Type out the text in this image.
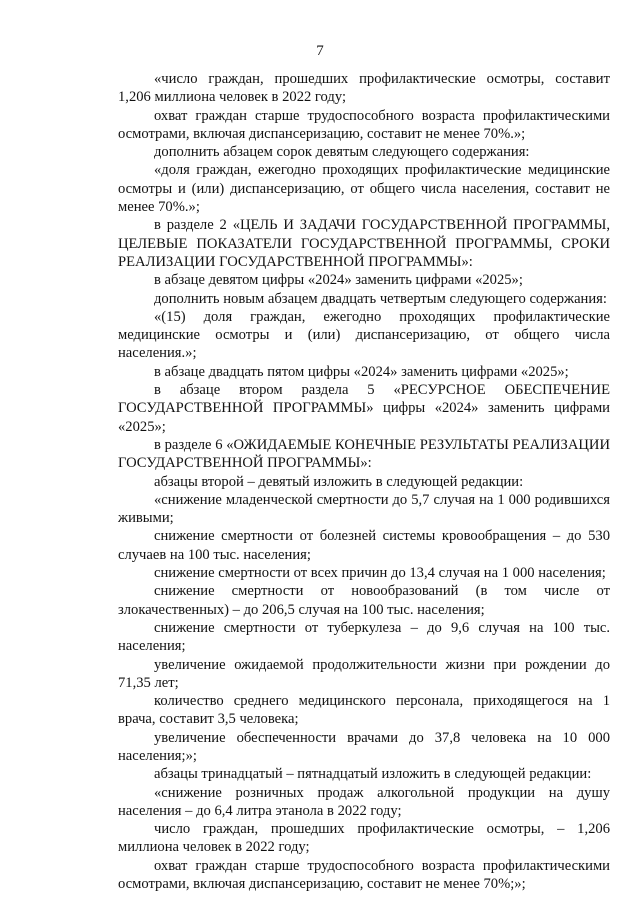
7

«число граждан, прошедших профилактические осмотры, составит 1,206 миллиона человек в 2022 году;

охват граждан старше трудоспособного возраста профилактическими осмотрами, включая диспансеризацию, составит не менее 70%.»;

дополнить абзацем сорок девятым следующего содержания:

«доля граждан, ежегодно проходящих профилактические медицинские осмотры и (или) диспансеризацию, от общего числа населения, составит не менее 70%.»;

в разделе 2 «ЦЕЛЬ И ЗАДАЧИ ГОСУДАРСТВЕННОЙ ПРОГРАММЫ, ЦЕЛЕВЫЕ ПОКАЗАТЕЛИ ГОСУДАРСТВЕННОЙ ПРОГРАММЫ, СРОКИ РЕАЛИЗАЦИИ ГОСУДАРСТВЕННОЙ ПРОГРАММЫ»:

в абзаце девятом цифры «2024» заменить цифрами «2025»;

дополнить новым абзацем двадцать четвертым следующего содержания:

«(15) доля граждан, ежегодно проходящих профилактические медицинские осмотры и (или) диспансеризацию, от общего числа населения.»;

в абзаце двадцать пятом цифры «2024» заменить цифрами «2025»;

в абзаце втором раздела 5 «РЕСУРСНОЕ ОБЕСПЕЧЕНИЕ ГОСУДАРСТВЕННОЙ ПРОГРАММЫ» цифры «2024» заменить цифрами «2025»;

в разделе 6 «ОЖИДАЕМЫЕ КОНЕЧНЫЕ РЕЗУЛЬТАТЫ РЕАЛИЗАЦИИ ГОСУДАРСТВЕННОЙ ПРОГРАММЫ»:

абзацы второй – девятый изложить в следующей редакции:

«снижение младенческой смертности до 5,7 случая на 1 000 родившихся живыми;

снижение смертности от болезней системы кровообращения – до 530 случаев на 100 тыс. населения;

снижение смертности от всех причин до 13,4 случая на 1 000 населения;

снижение смертности от новообразований (в том числе от злокачественных) – до 206,5 случая на 100 тыс. населения;

снижение смертности от туберкулеза – до 9,6 случая на 100 тыс. населения;

увеличение ожидаемой продолжительности жизни при рождении до 71,35 лет;

количество среднего медицинского персонала, приходящегося на 1 врача, составит 3,5 человека;

увеличение обеспеченности врачами до 37,8 человека на 10 000 населения;»;

абзацы тринадцатый – пятнадцатый изложить в следующей редакции:

«снижение розничных продаж алкогольной продукции на душу населения – до 6,4 литра этанола в 2022 году;

число граждан, прошедших профилактические осмотры, – 1,206 миллиона человек в 2022 году;

охват граждан старше трудоспособного возраста профилактическими осмотрами, включая диспансеризацию, составит не менее 70%;»;
